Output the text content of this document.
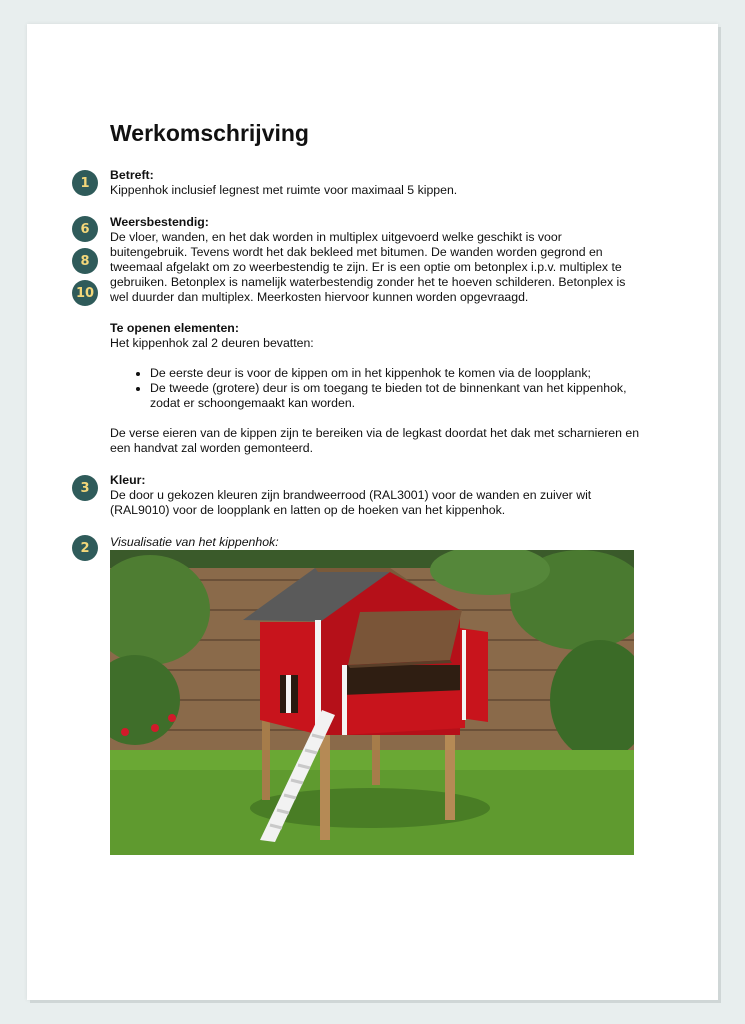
1
6
8
10
3
2
Werkomschrijving
Betreft:

Kippenhok inclusief legnest met ruimte voor maximaal 5 kippen.

Weersbestendig:

De vloer, wanden, en het dak worden in multiplex uitgevoerd welke geschikt is voor buitengebruik. Tevens wordt het dak bekleed met bitumen. De wanden worden gegrond en tweemaal afgelakt om zo weerbestendig te zijn. Er is een optie om betonplex i.p.v. multiplex te gebruiken. Betonplex is namelijk waterbestendig zonder het te hoeven schilderen. Betonplex is wel duurder dan multiplex. Meerkosten hiervoor kunnen worden opgevraagd.

Te openen elementen:

Het kippenhok zal 2 deuren bevatten:

• De eerste deur is voor de kippen om in het kippenhok te komen via de loopplank;
• De tweede (grotere) deur is om toegang te bieden tot de binnenkant van het kippenhok, zodat er schoongemaakt kan worden.

De verse eieren van de kippen zijn te bereiken via de legkast doordat het dak met scharnieren en een handvat zal worden gemonteerd.

Kleur:

De door u gekozen kleuren zijn brandweerrood (RAL3001) voor de wanden en zuiver wit (RAL9010) voor de loopplank en latten op de hoeken van het kippenhok.

Visualisatie van het kippenhok:
